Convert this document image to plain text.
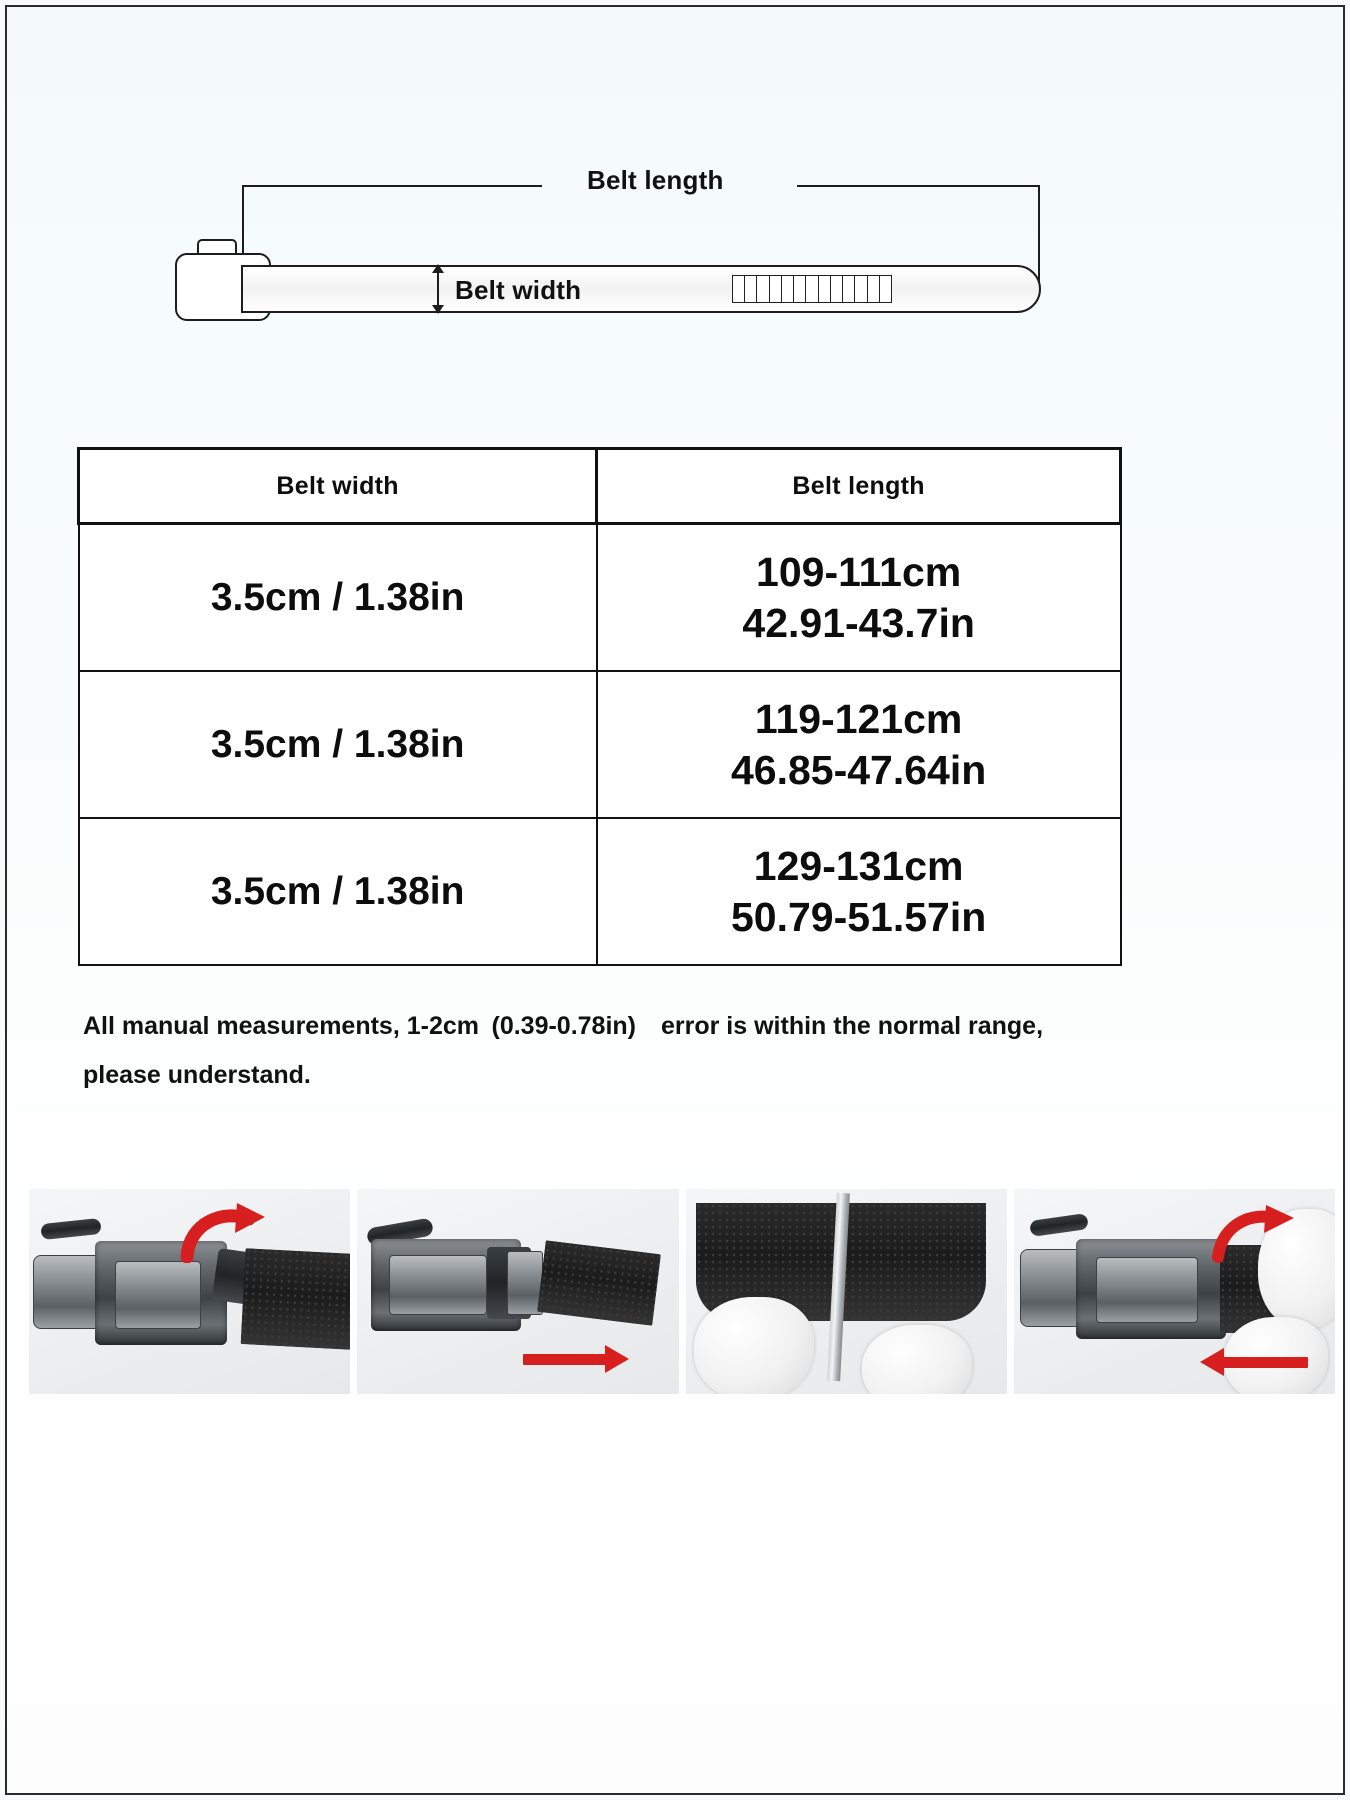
Belt length
Belt width
Belt width	Belt length
3.5cm / 1.38in	109-111cm
42.91-43.7in

3.5cm / 1.38in	119-121cm
46.85-47.64in

3.5cm / 1.38in	129-131cm
50.79-51.57in
All manual measurements, 1-2cm (0.39-0.78in) error is within the normal range,
please understand.
